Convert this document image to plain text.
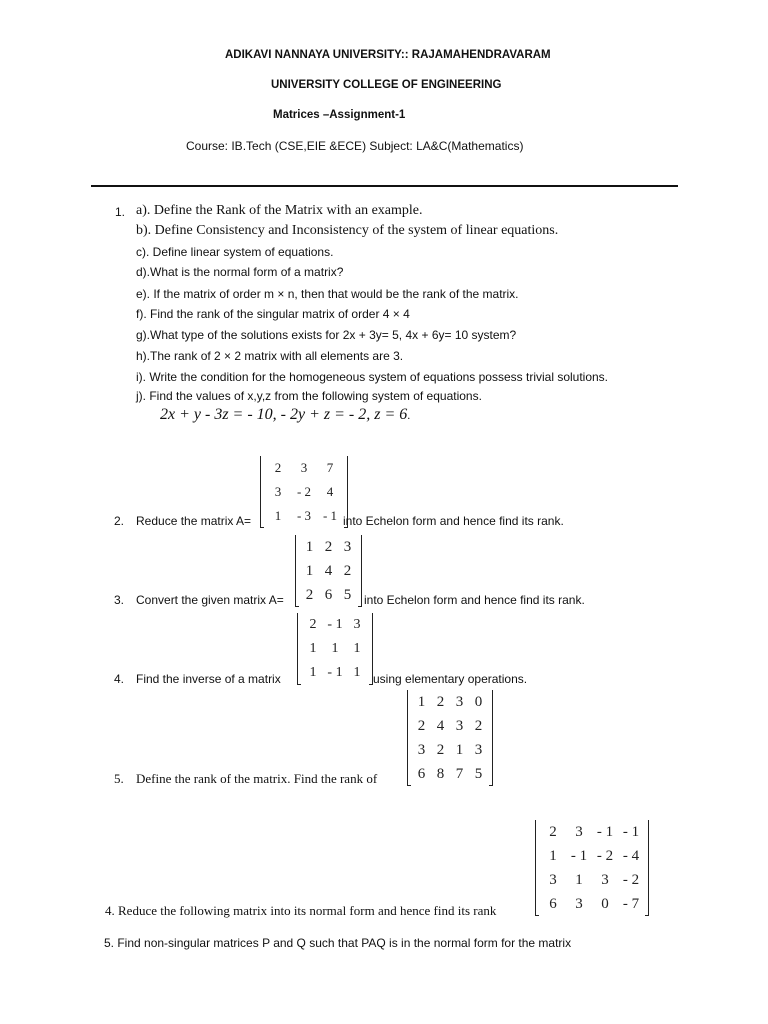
ADIKAVI NANNAYA UNIVERSITY:: RAJAMAHENDRAVARAM
UNIVERSITY COLLEGE OF ENGINEERING
Matrices –Assignment-1
Course: IB.Tech (CSE,EIE &ECE) Subject: LA&C(Mathematics)
1. a). Define the Rank of the Matrix with an example.
b). Define Consistency and Inconsistency of the system of linear equations.
c). Define linear system of equations.
d).What is the normal form of a matrix?
e). If the matrix of order m × n, then that would be the rank of the matrix.
f). Find the rank of the singular matrix of order 4 × 4
g).What type of the solutions exists for 2x + 3y= 5, 4x + 6y= 10 system?
h).The rank of 2 × 2 matrix with all elements are 3.
i). Write the condition for the homogeneous system of equations possess trivial solutions.
j). Find the values of x,y,z from the following system of equations.
2x + y - 3z = - 10, - 2y + z = - 2, z = 6.
2. Reduce the matrix A=
2	3	7
3	- 2	4
1	- 3 - 1 into Echelon form and hence find its rank.
3. Convert the given matrix A=
1 2 3
1 4 2
2 6 5	into Echelon form and hence find its rank.
4. Find the inverse of a matrix
2 - 1 3
1	1	1
1 - 1 1	using elementary operations.
5. Define the rank of the matrix. Find the rank of
1 2 3 0
2 4 3 2
3 2 1 3
6 8 7 5
2	3 - 1 - 1
1 - 1 - 2 - 4
3	1	3 - 2
6	3	0 - 7
4. Reduce the following matrix into its normal form and hence find its rank
5. Find non-singular matrices P and Q such that PAQ is in the normal form for the matrix
